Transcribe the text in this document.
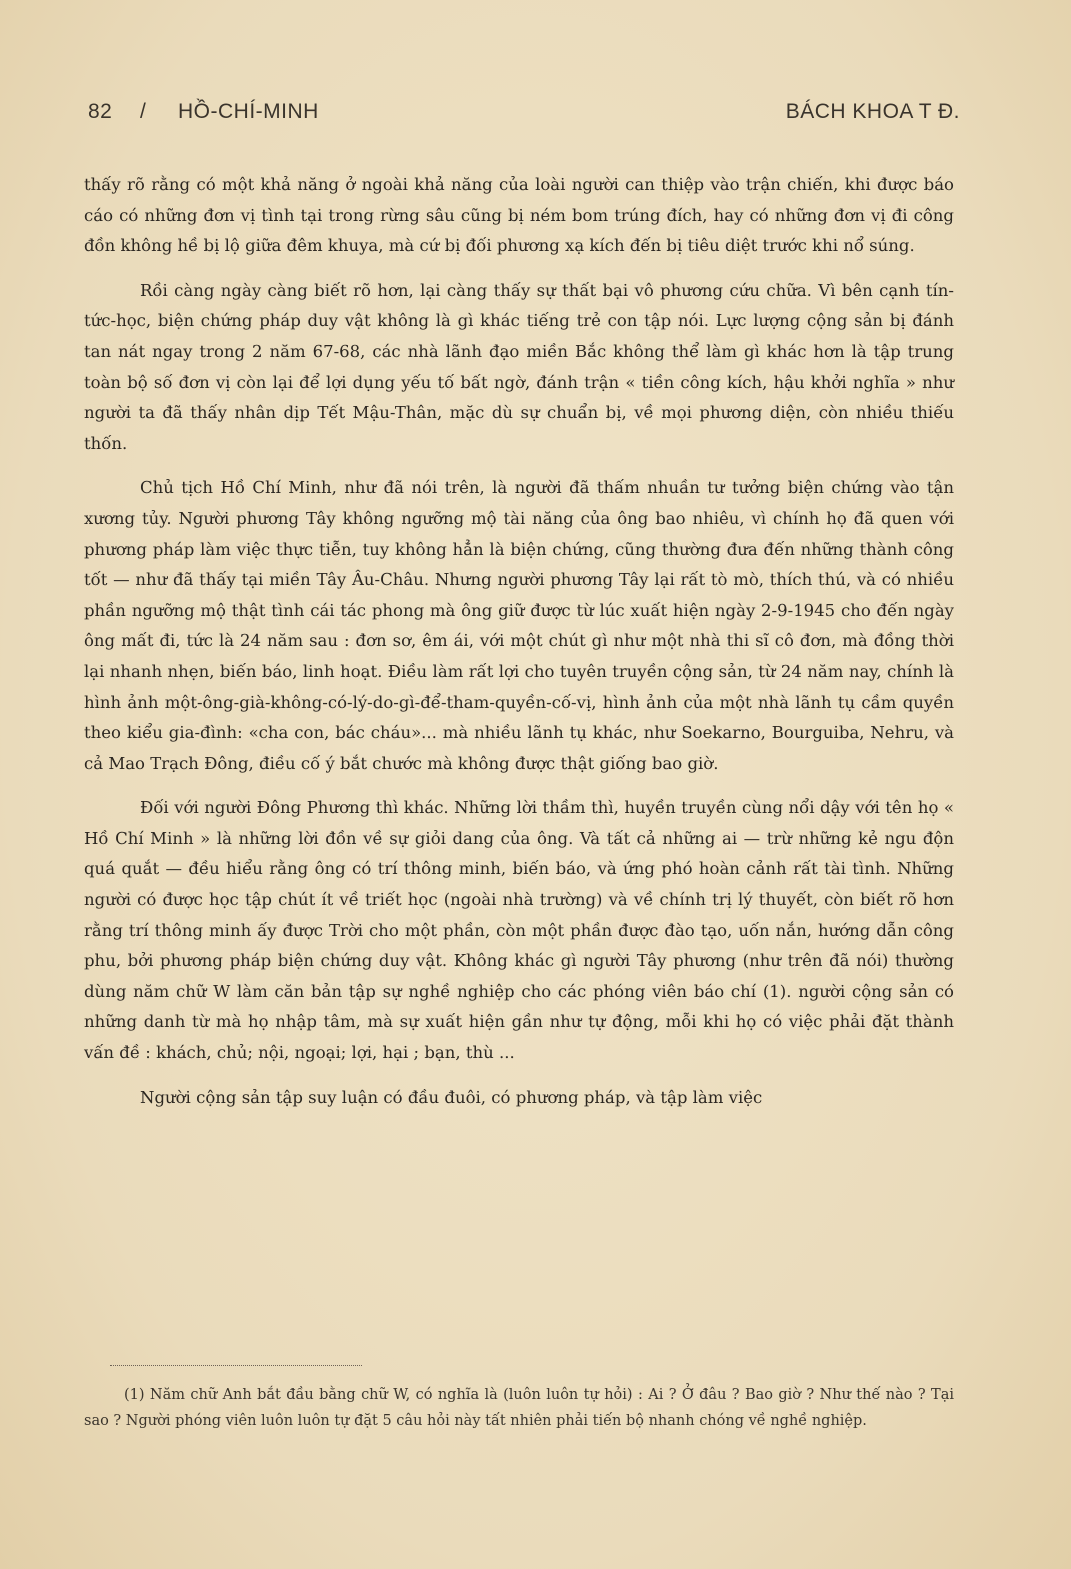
82 / HỒ-CHÍ-MINH	BÁCH KHOA T Đ.

thấy rõ rằng có một khả năng ở ngoài khả năng của loài người can thiệp vào trận chiến, khi được báo cáo có những đơn vị tình tại trong rừng sâu cũng bị ném bom trúng đích, hay có những đơn vị đi công đồn không hề bị lộ giữa đêm khuya, mà cứ bị đối phương xạ kích đến bị tiêu diệt trước khi nổ súng.

Rồi càng ngày càng biết rõ hơn, lại càng thấy sự thất bại vô phương cứu chữa. Vì bên cạnh tín-tức-học, biện chứng pháp duy vật không là gì khác tiếng trẻ con tập nói. Lực lượng cộng sản bị đánh tan nát ngay trong 2 năm 67-68, các nhà lãnh đạo miền Bắc không thể làm gì khác hơn là tập trung toàn bộ số đơn vị còn lại để lợi dụng yếu tố bất ngờ, đánh trận « tiền công kích, hậu khởi nghĩa » như người ta đã thấy nhân dịp Tết Mậu-Thân, mặc dù sự chuẩn bị, về mọi phương diện, còn nhiều thiếu thốn.

Chủ tịch Hồ Chí Minh, như đã nói trên, là người đã thấm nhuần tư tưởng biện chứng vào tận xương tủy. Người phương Tây không ngưỡng mộ tài năng của ông bao nhiêu, vì chính họ đã quen với phương pháp làm việc thực tiễn, tuy không hẳn là biện chứng, cũng thường đưa đến những thành công tốt — như đã thấy tại miền Tây Âu-Châu. Nhưng người phương Tây lại rất tò mò, thích thú, và có nhiều phần ngưỡng mộ thật tình cái tác phong mà ông giữ được từ lúc xuất hiện ngày 2-9-1945 cho đến ngày ông mất đi, tức là 24 năm sau : đơn sơ, êm ái, với một chút gì như một nhà thi sĩ cô đơn, mà đồng thời lại nhanh nhẹn, biến báo, linh hoạt. Điều làm rất lợi cho tuyên truyền cộng sản, từ 24 năm nay, chính là hình ảnh một-ông-già-không-có-lý-do-gì-để-tham-quyền-cố-vị, hình ảnh của một nhà lãnh tụ cầm quyền theo kiểu gia-đình: «cha con, bác cháu»... mà nhiều lãnh tụ khác, như Soekarno, Bourguiba, Nehru, và cả Mao Trạch Đông, điều cố ý bắt chước mà không được thật giống bao giờ.

Đối với người Đông Phương thì khác. Những lời thầm thì, huyền truyền cùng nổi dậy với tên họ « Hồ Chí Minh » là những lời đồn về sự giỏi dang của ông. Và tất cả những ai — trừ những kẻ ngu độn quá quắt — đều hiểu rằng ông có trí thông minh, biến báo, và ứng phó hoàn cảnh rất tài tình. Những người có được học tập chút ít về triết học (ngoài nhà trường) và về chính trị lý thuyết, còn biết rõ hơn rằng trí thông minh ấy được Trời cho một phần, còn một phần được đào tạo, uốn nắn, hướng dẫn công phu, bởi phương pháp biện chứng duy vật. Không khác gì người Tây phương (như trên đã nói) thường dùng năm chữ W làm căn bản tập sự nghề nghiệp cho các phóng viên báo chí (1). người cộng sản có những danh từ mà họ nhập tâm, mà sự xuất hiện gần như tự động, mỗi khi họ có việc phải đặt thành vấn đề : khách, chủ; nội, ngoại; lợi, hại ; bạn, thù ...

Người cộng sản tập suy luận có đầu đuôi, có phương pháp, và tập làm việc

(1) Năm chữ Anh bắt đầu bằng chữ W, có nghĩa là (luôn luôn tự hỏi) : Ai ? Ở đâu ? Bao giờ ? Như thế nào ? Tại sao ? Người phóng viên luôn luôn tự đặt 5 câu hỏi này tất nhiên phải tiến bộ nhanh chóng về nghề nghiệp.
